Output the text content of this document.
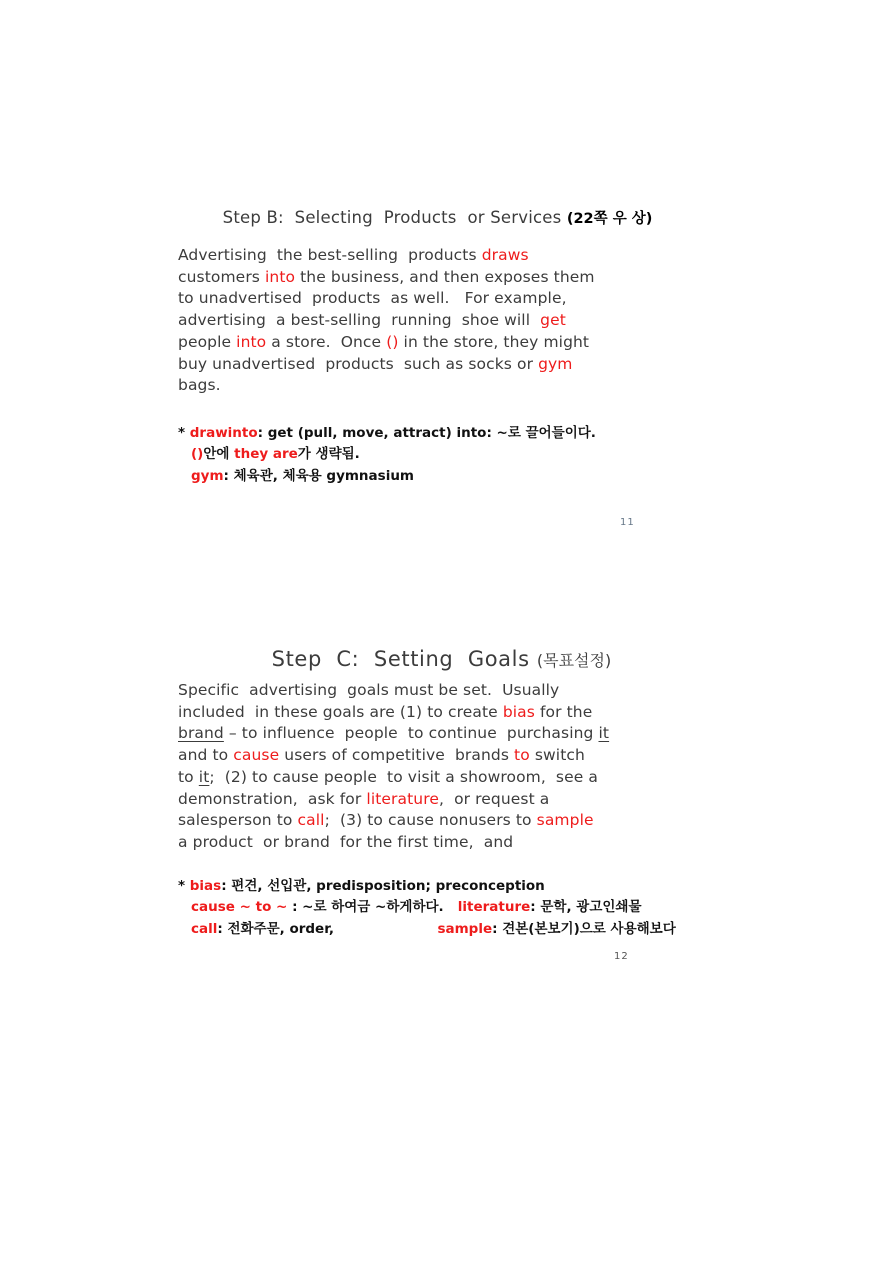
Step B:  Selecting  Products  or Services (22쪽 우 상)

Advertising  the best-selling  products draws
customers into the business, and then exposes them
to unadvertised  products  as well.   For example,
advertising  a best-selling  running  shoe will  get
people into a store.  Once () in the store, they might
buy unadvertised  products  such as socks or gym
bags.
* drawinto: get (pull, move, attract) into: ~로 끌어들이다.
()안에 they are가 생략됨.
gym: 체육관, 체육용 gymnasium
11

Step  C:  Setting  Goals (목표설정)

Specific  advertising  goals must be set.  Usually
included  in these goals are (1) to create bias for the
brand – to influence  people  to continue  purchasing it
and to cause users of competitive  brands to switch
to it;  (2) to cause people  to visit a showroom,  see a
demonstration,  ask for literature,  or request a
salesperson to call;  (3) to cause nonusers to sample
a product  or brand  for the first time,  and
* bias: 편견, 선입관, predisposition; preconception
cause ~ to ~ : ~로 하여금 ~하게하다.   literature: 문학, 광고인쇄물
call: 전화주문, order,	sample: 견본(본보기)으로 사용해보다
12
